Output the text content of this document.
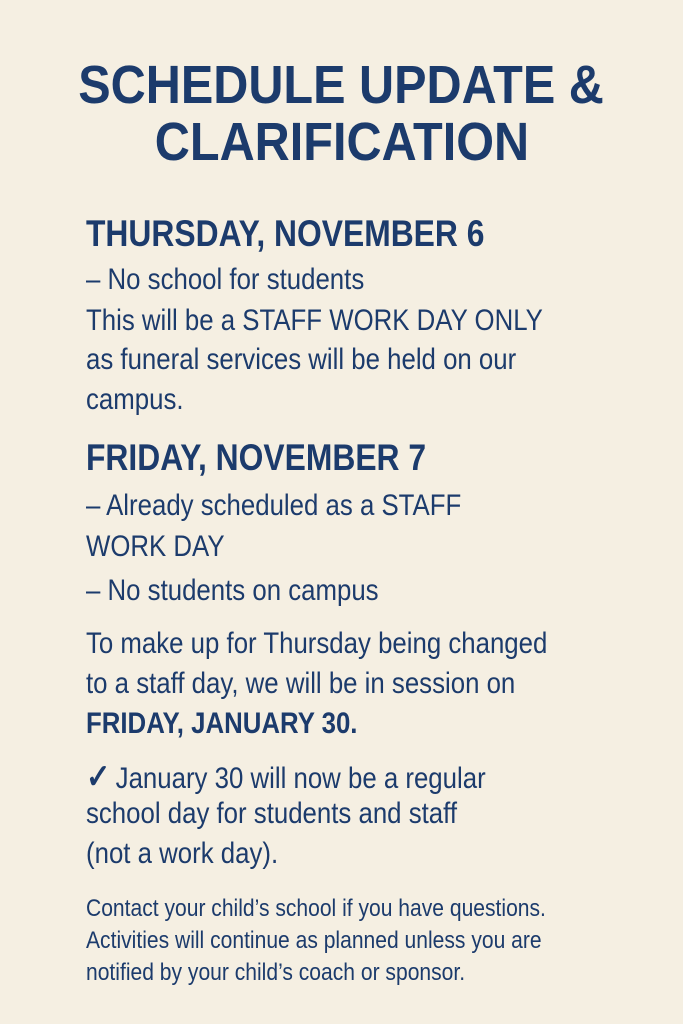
SCHEDULE UPDATE &
CLARIFICATION
THURSDAY, NOVEMBER 6
– No school for students
This will be a STAFF WORK DAY ONLY
as funeral services will be held on our
campus.
FRIDAY, NOVEMBER 7
– Already scheduled as a STAFF
WORK DAY
– No students on campus
To make up for Thursday being changed
to a staff day, we will be in session on
FRIDAY, JANUARY 30.
✓ January 30 will now be a regular
school day for students and staff
(not a work day).
Contact your child’s school if you have questions.
Activities will continue as planned unless you are
notified by your child’s coach or sponsor.
